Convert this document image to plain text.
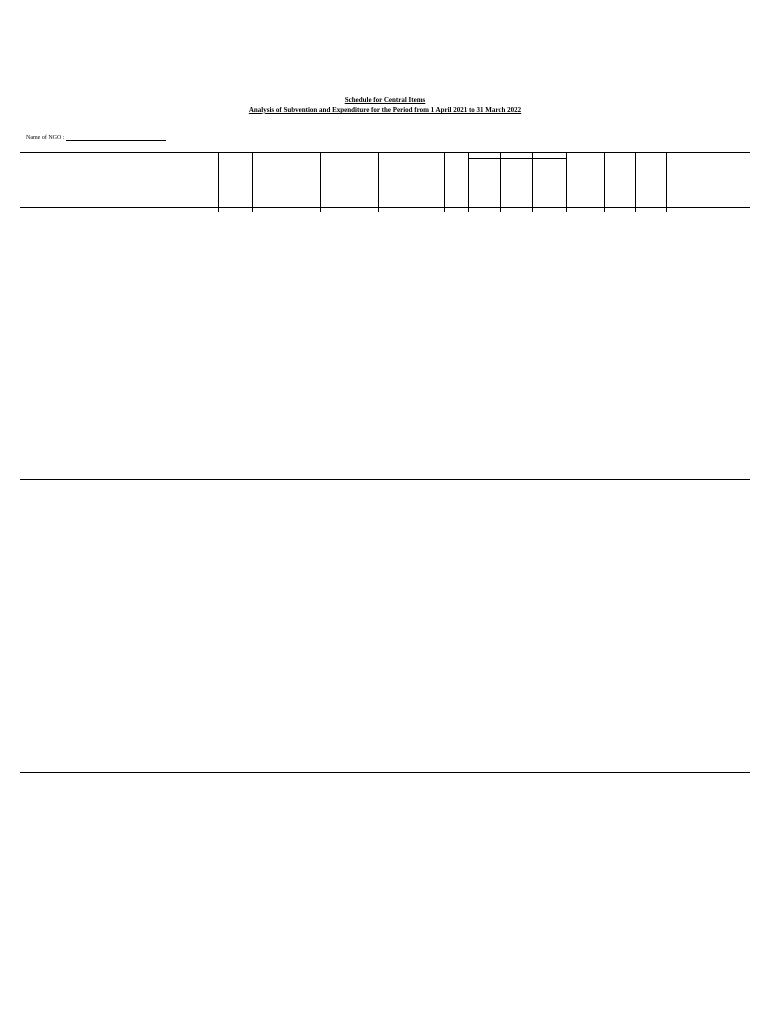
Schedule for Central Items
Analysis of Subvention and Expenditure for the Period from 1 April 2021 to 31 March 2022
Name of NGO :
